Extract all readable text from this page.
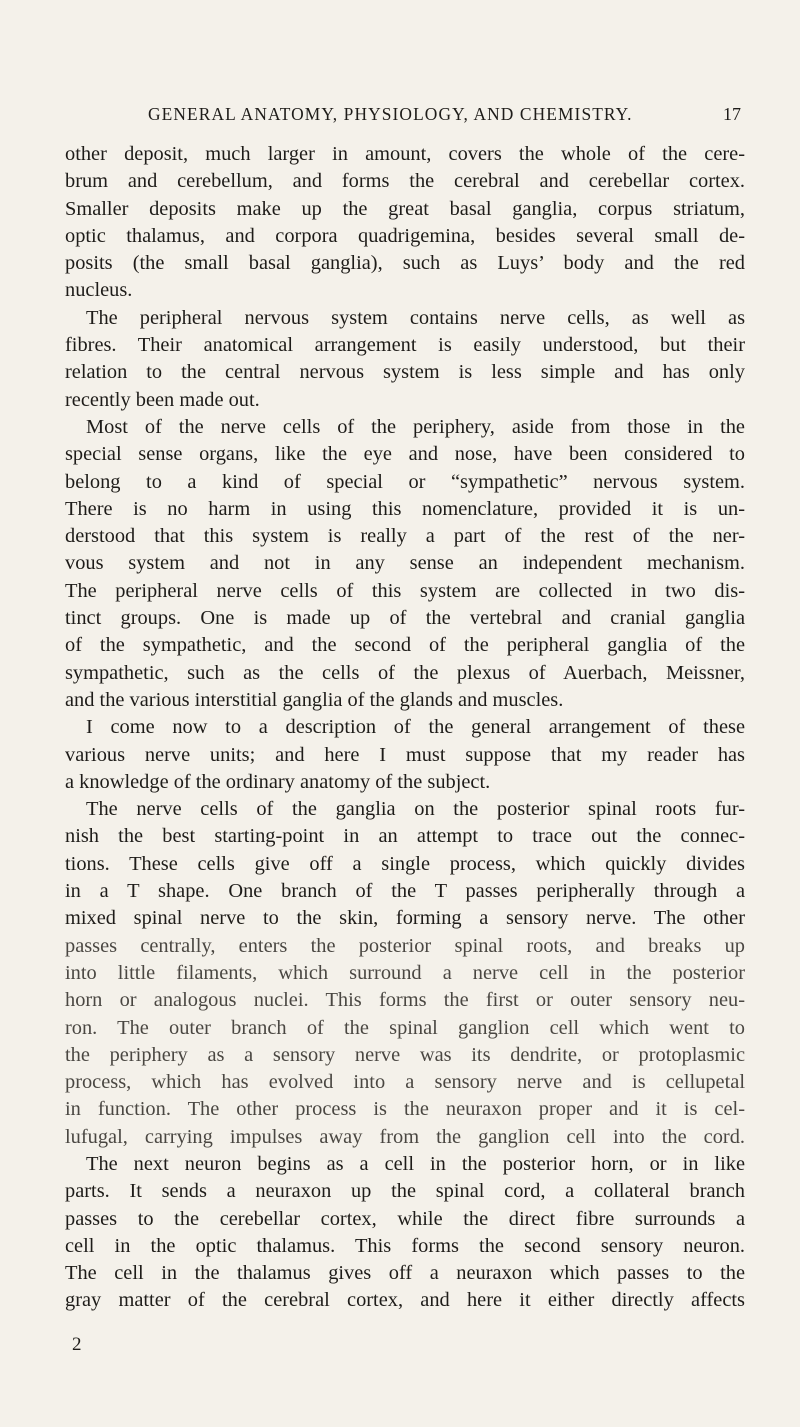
GENERAL ANATOMY, PHYSIOLOGY, AND CHEMISTRY.	17
other deposit, much larger in amount, covers the whole of the cere-
brum and cerebellum, and forms the cerebral and cerebellar cortex.
Smaller deposits make up the great basal ganglia, corpus striatum,
optic thalamus, and corpora quadrigemina, besides several small de-
posits (the small basal ganglia), such as Luys’ body and the red
nucleus.
The peripheral nervous system contains nerve cells, as well as
fibres. Their anatomical arrangement is easily understood, but their
relation to the central nervous system is less simple and has only
recently been made out.
Most of the nerve cells of the periphery, aside from those in the
special sense organs, like the eye and nose, have been considered to
belong to a kind of special or “sympathetic” nervous system.
There is no harm in using this nomenclature, provided it is un-
derstood that this system is really a part of the rest of the ner-
vous system and not in any sense an independent mechanism.
The peripheral nerve cells of this system are collected in two dis-
tinct groups. One is made up of the vertebral and cranial ganglia
of the sympathetic, and the second of the peripheral ganglia of the
sympathetic, such as the cells of the plexus of Auerbach, Meissner,
and the various interstitial ganglia of the glands and muscles.
I come now to a description of the general arrangement of these
various nerve units; and here I must suppose that my reader has
a knowledge of the ordinary anatomy of the subject.
The nerve cells of the ganglia on the posterior spinal roots fur-
nish the best starting-point in an attempt to trace out the connec-
tions. These cells give off a single process, which quickly divides
in a T shape. One branch of the T passes peripherally through a
mixed spinal nerve to the skin, forming a sensory nerve. The other
passes centrally, enters the posterior spinal roots, and breaks up
into little filaments, which surround a nerve cell in the posterior
horn or analogous nuclei. This forms the first or outer sensory neu-
ron. The outer branch of the spinal ganglion cell which went to
the periphery as a sensory nerve was its dendrite, or protoplasmic
process, which has evolved into a sensory nerve and is cellupetal
in function. The other process is the neuraxon proper and it is cel-
lufugal, carrying impulses away from the ganglion cell into the cord.
The next neuron begins as a cell in the posterior horn, or in like
parts. It sends a neuraxon up the spinal cord, a collateral branch
passes to the cerebellar cortex, while the direct fibre surrounds a
cell in the optic thalamus. This forms the second sensory neuron.
The cell in the thalamus gives off a neuraxon which passes to the
gray matter of the cerebral cortex, and here it either directly affects
2
